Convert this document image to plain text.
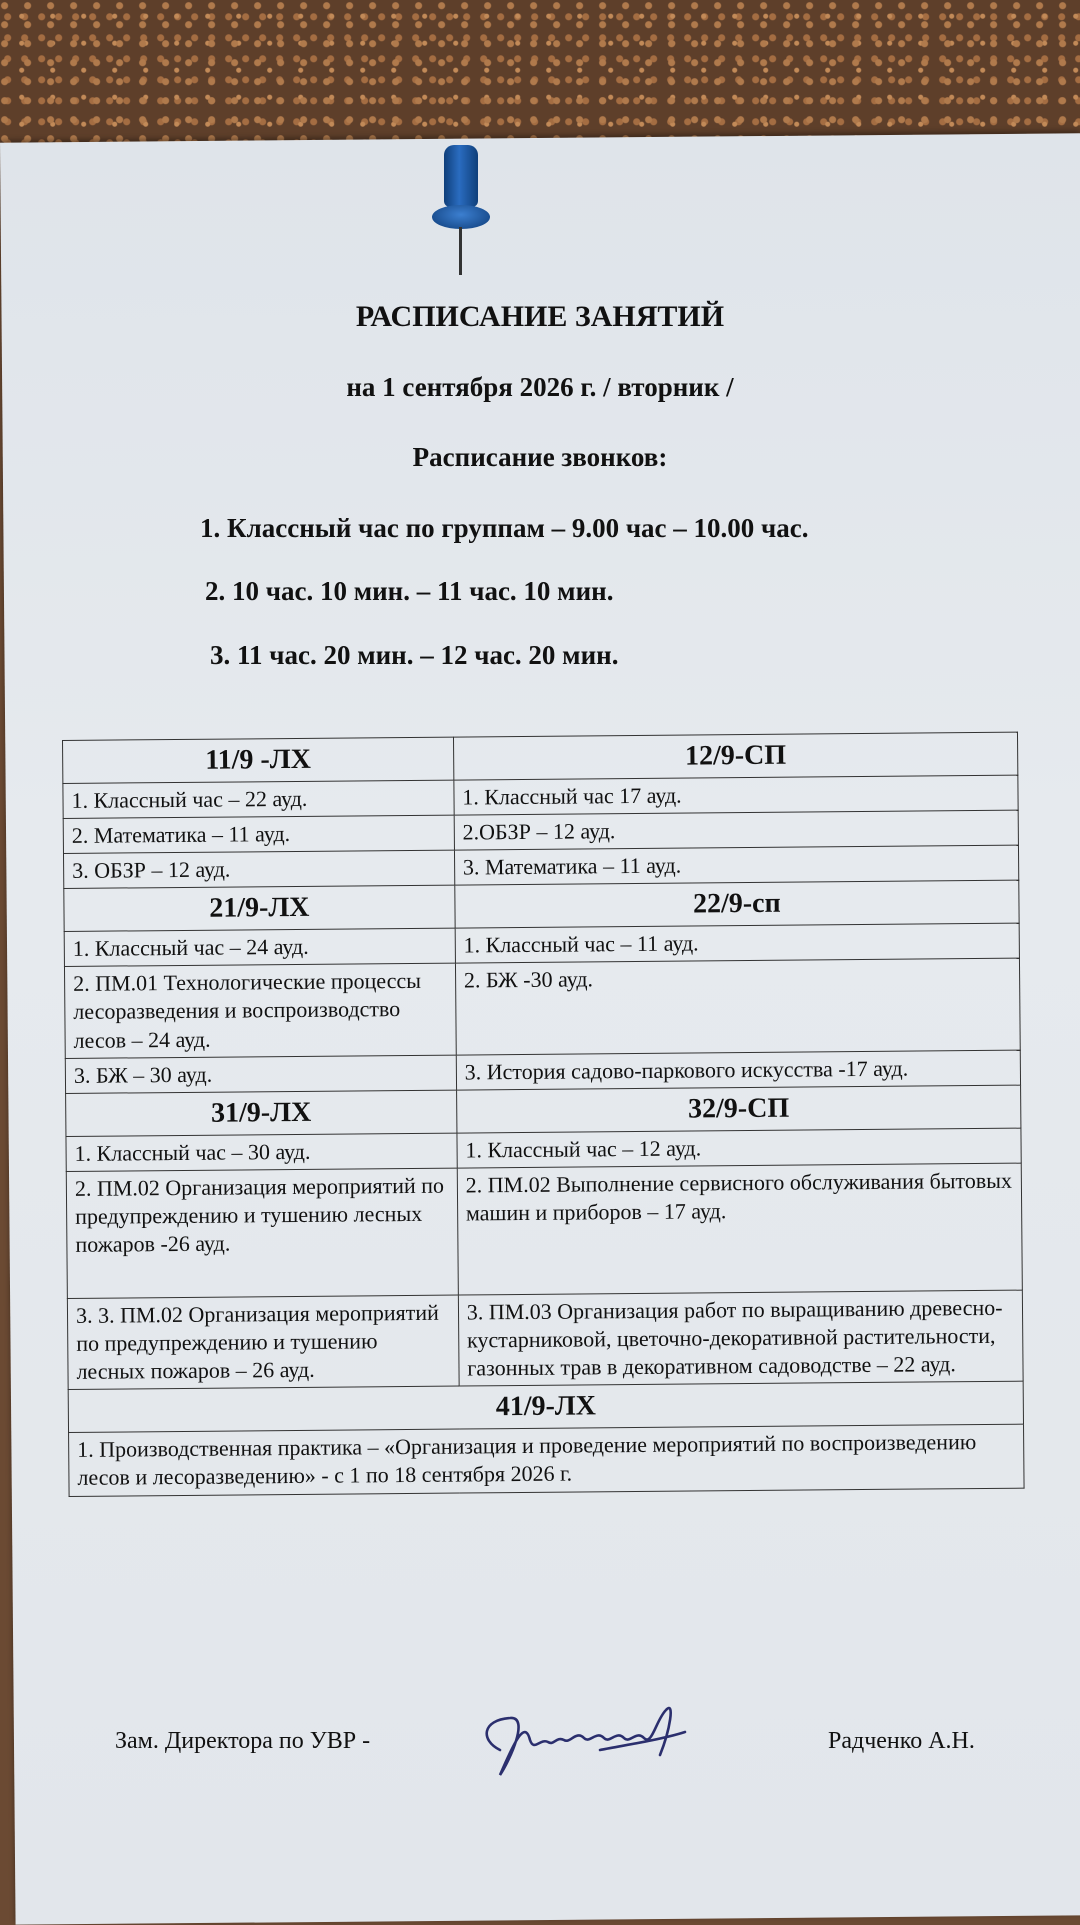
РАСПИСАНИЕ ЗАНЯТИЙ
на 1 сентября 2026 г. / вторник /
Расписание звонков:
1. Классный час по группам – 9.00 час – 10.00 час.
2. 10 час. 10 мин. – 11 час. 10 мин.
3. 11 час. 20 мин. – 12 час. 20 мин.
11/9 -ЛХ	12/9-СП
1. Классный час – 22 ауд.	1. Классный час 17 ауд.
2. Математика – 11 ауд.	2.ОБЗР – 12 ауд.
3. ОБЗР – 12 ауд.	3. Математика – 11 ауд.
21/9-ЛХ	22/9-сп
1. Классный час – 24 ауд.	1. Классный час – 11 ауд.
2. ПМ.01 Технологические процессы лесоразведения и воспроизводство лесов – 24 ауд.	2. БЖ -30 ауд.
3. БЖ – 30 ауд.	3. История садово-паркового искусства -17 ауд.
31/9-ЛХ	32/9-СП
1. Классный час – 30 ауд.	1. Классный час – 12 ауд.
2. ПМ.02 Организация мероприятий по предупреждению и тушению лесных пожаров -26 ауд.	2. ПМ.02 Выполнение сервисного обслуживания бытовых машин и приборов – 17 ауд.
3. 3. ПМ.02 Организация мероприятий по предупреждению и тушению лесных пожаров – 26 ауд.	3. ПМ.03 Организация работ по выращиванию древесно-кустарниковой, цветочно-декоративной растительности, газонных трав в декоративном садоводстве – 22 ауд.
41/9-ЛХ	
1. Производственная практика – «Организация и проведение мероприятий по воспроизведению лесов и лесоразведению» - с 1 по 18 сентября 2026 г.	
Зам. Директора по УВР -	Радченко А.Н.
